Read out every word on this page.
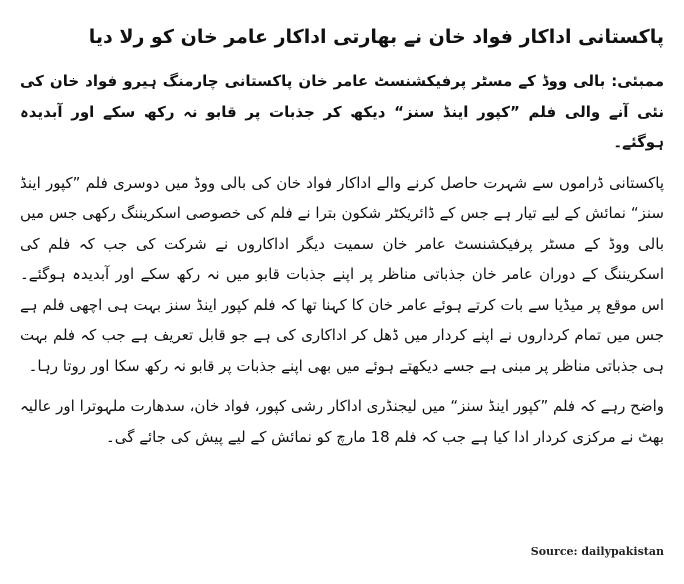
پاکستانی اداکار فواد خان نے بھارتی اداکار عامر خان کو رلا دیا

ممبئی: بالی ووڈ کے مسٹر پرفیکشنسٹ عامر خان پاکستانی چارمنگ ہیرو فواد خان کی نئی آنے والی فلم ”کپور اینڈ سنز“ دیکھ کر جذبات پر قابو نہ رکھ سکے اور آبدیدہ ہوگئے۔

پاکستانی ڈراموں سے شہرت حاصل کرنے والے اداکار فواد خان کی بالی ووڈ میں دوسری فلم ”کپور اینڈ سنز“ نمائش کے لیے تیار ہے جس کے ڈائریکٹر شکون بترا نے فلم کی خصوصی اسکریننگ رکھی جس میں بالی ووڈ کے مسٹر پرفیکشنسٹ عامر خان سمیت دیگر اداکاروں نے شرکت کی جب کہ فلم کی اسکریننگ کے دوران عامر خان جذباتی مناظر پر اپنے جذبات قابو میں نہ رکھ سکے اور آبدیدہ ہوگئے۔ اس موقع پر میڈیا سے بات کرتے ہوئے عامر خان کا کہنا تھا کہ فلم کپور اینڈ سنز بہت ہی اچھی فلم ہے جس میں تمام کرداروں نے اپنے کردار میں ڈھل کر اداکاری کی ہے جو قابل تعریف ہے جب کہ فلم بہت ہی جذباتی مناظر پر مبنی ہے جسے دیکھتے ہوئے میں بھی اپنے جذبات پر قابو نہ رکھ سکا اور روتا رہا۔

واضح رہے کہ فلم ”کپور اینڈ سنز“ میں لیجنڈری اداکار رشی کپور، فواد خان، سدھارت ملہوترا اور عالیہ بھٹ نے مرکزی کردار ادا کیا ہے جب کہ فلم 18 مارچ کو نمائش کے لیے پیش کی جائے گی۔

Source: dailypakistan
